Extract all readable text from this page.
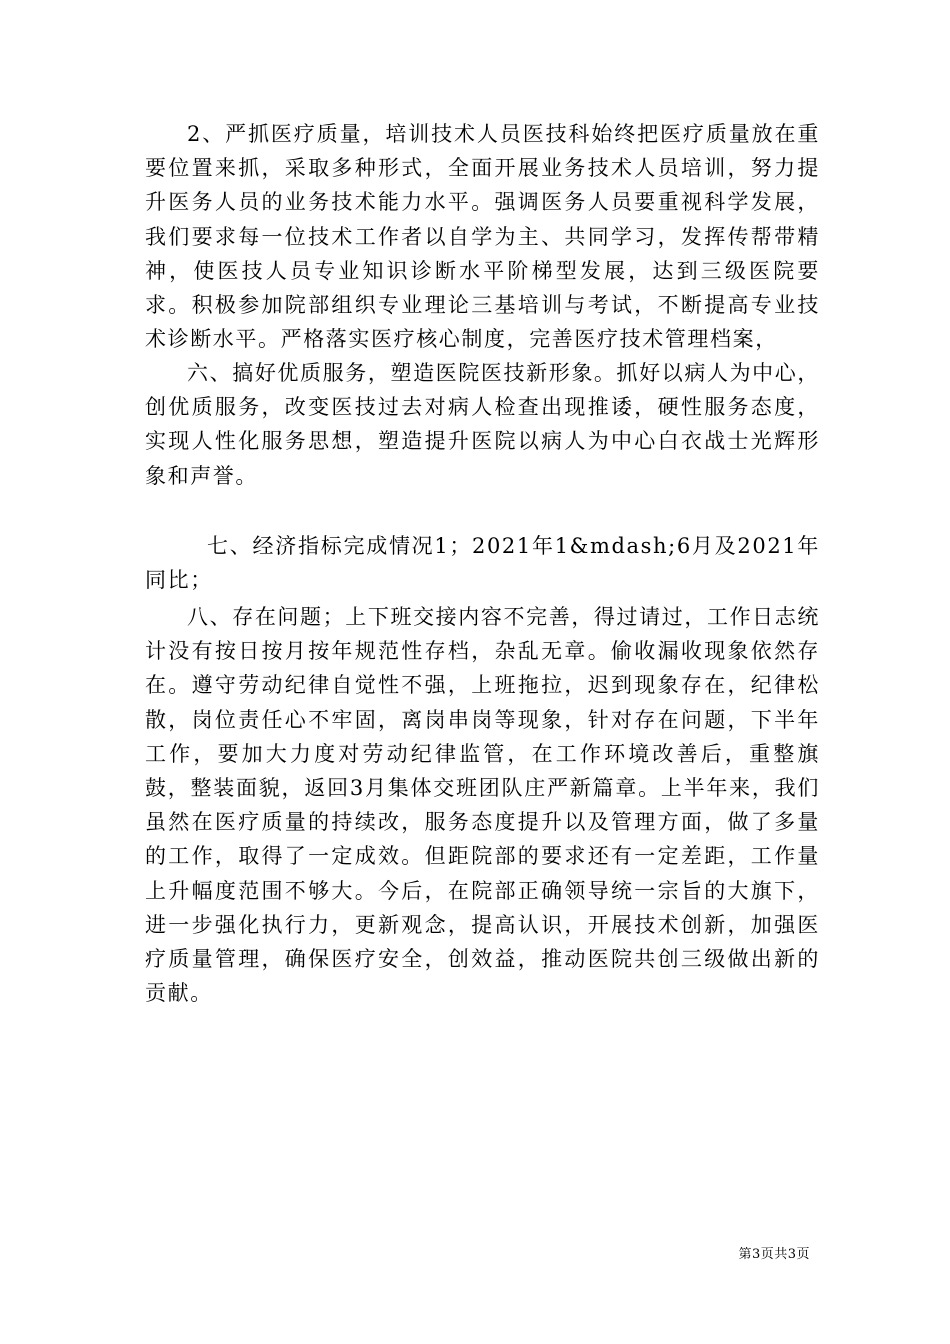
2、严抓医疗质量，培训技术人员医技科始终把医疗质量放在重要位置来抓，采取多种形式，全面开展业务技术人员培训，努力提升医务人员的业务技术能力水平。强调医务人员要重视科学发展，我们要求每一位技术工作者以自学为主、共同学习，发挥传帮带精神，使医技人员专业知识诊断水平阶梯型发展，达到三级医院要求。积极参加院部组织专业理论三基培训与考试，不断提高专业技术诊断水平。严格落实医疗核心制度，完善医疗技术管理档案，

六、搞好优质服务，塑造医院医技新形象。抓好以病人为中心，创优质服务，改变医技过去对病人检查出现推诿，硬性服务态度，实现人性化服务思想，塑造提升医院以病人为中心白衣战士光辉形象和声誉。

七、经济指标完成情况1；2021年1&mdash;6月及2021年同比；

八、存在问题；上下班交接内容不完善，得过请过，工作日志统计没有按日按月按年规范性存档，杂乱无章。偷收漏收现象依然存在。遵守劳动纪律自觉性不强，上班拖拉，迟到现象存在，纪律松散，岗位责任心不牢固，离岗串岗等现象，针对存在问题，下半年工作，要加大力度对劳动纪律监管，在工作环境改善后，重整旗鼓，整装面貌，返回3月集体交班团队庄严新篇章。上半年来，我们虽然在医疗质量的持续改，服务态度提升以及管理方面，做了多量的工作，取得了一定成效。但距院部的要求还有一定差距，工作量上升幅度范围不够大。今后，在院部正确领导统一宗旨的大旗下，进一步强化执行力，更新观念，提高认识，开展技术创新，加强医疗质量管理，确保医疗安全，创效益，推动医院共创三级做出新的贡献。

第3页共3页
